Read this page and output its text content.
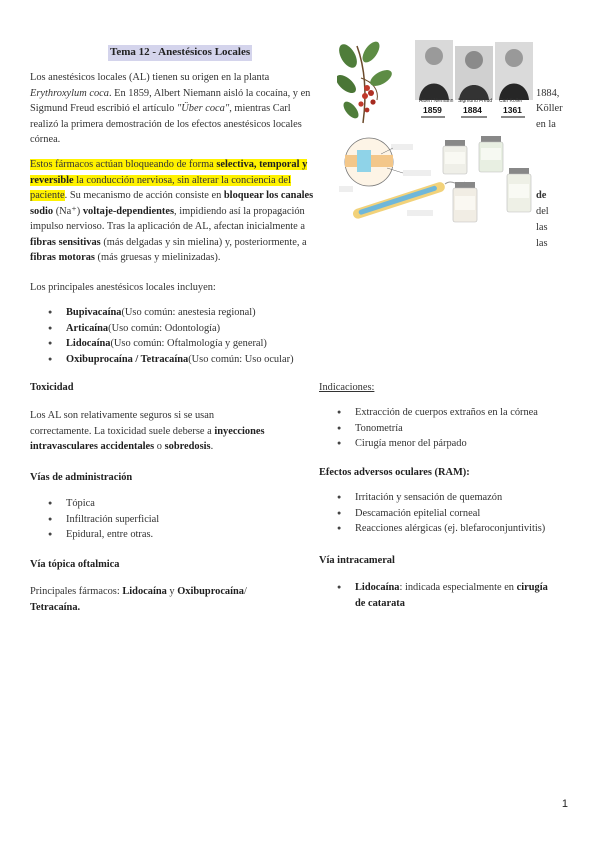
Tema 12 - Anestésicos Locales

Los anestésicos locales (AL) tienen su origen en la planta

Erythroxylum coca. En 1859, Albert Niemann aisló la cocaína, y en

Sigmund Freud escribió el artículo "Über coca", mientras Carl

realizó la primera demostración de los efectos anestésicos locales

córnea.

1884,
Köller
en la

Estos fármacos actúan bloqueando de forma selectiva, temporal y

reversible la conducción nerviosa, sin alterar la conciencia del

paciente. Su mecanismo de acción consiste en bloquear los canales

sodio (Na⁺) voltaje-dependientes, impidiendo así la propagación

impulso nervioso. Tras la aplicación de AL, afectan inicialmente a

fibras sensitivas (más delgadas y sin mielina) y, posteriormente, a

fibras motoras (más gruesas y mielinizadas).

de
del
las
las
Albert Niemann Sigmund Freud Carl Koller
1859 1884 1361
Los principales anestésicos locales incluyen:
● Bupivacaína(Uso común: anestesia regional)
● Articaína(Uso común: Odontología)
● Lidocaína(Uso común: Oftalmología y general)
● Oxibuprocaína / Tetracaína(Uso común: Uso ocular)
Toxicidad

Los AL son relativamente seguros si se usan

correctamente. La toxicidad suele deberse a inyecciones

intravasculares accidentales o sobredosis.

Vías de administración
● Tópica
● Infiltración superficial
● Epidural, entre otras.
Vía tópica oftalmica

Principales fármacos: Lidocaína y Oxibuprocaína/

Tetracaína.

Indicaciones:
● Extracción de cuerpos extraños en la córnea
● Tonometría
● Cirugía menor del párpado
Efectos adversos oculares (RAM):
● Irritación y sensación de quemazón
● Descamación epitelial corneal
● Reacciones alérgicas (ej. blefaroconjuntivitis)
Vía intracameral
● Lidocaína: indicada especialmente en cirugía
de catarata
1
